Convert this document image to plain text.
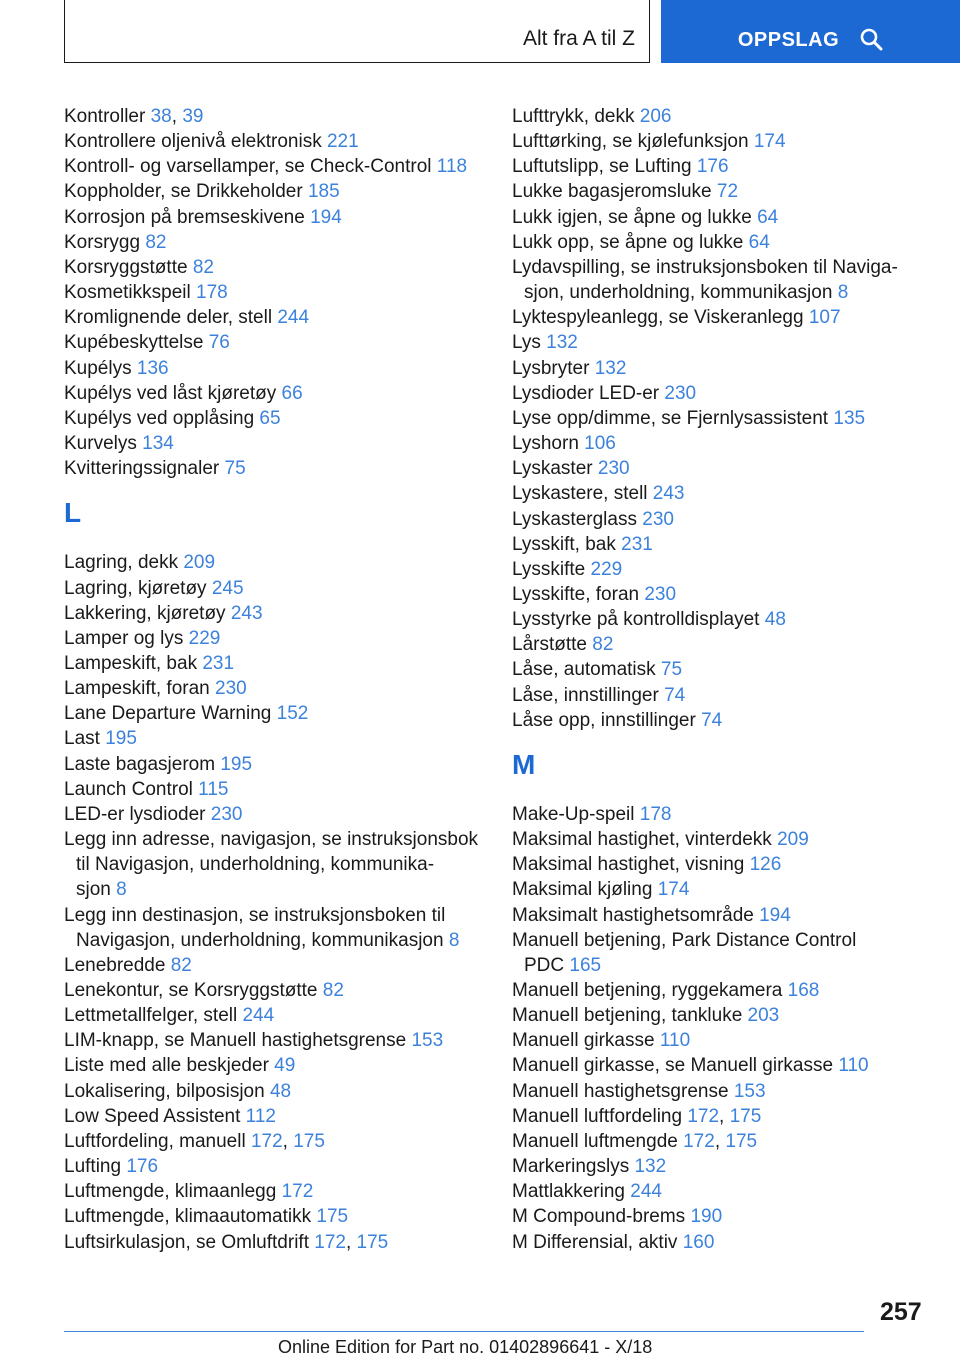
Alt fra A til Z	OPPSLAG
Kontroller 38, 39
Kontrollere oljenivå elektronisk 221
Kontroll- og varsellamper, se Check-Control 118
Koppholder, se Drikkeholder 185
Korrosjon på bremseskivene 194
Korsrygg 82
Korsryggstøtte 82
Kosmetikkspeil 178
Kromlignende deler, stell 244
Kupébeskyttelse 76
Kupélys 136
Kupélys ved låst kjøretøy 66
Kupélys ved opplåsing 65
Kurvelys 134
Kvitteringssignaler 75
L
Lagring, dekk 209
Lagring, kjøretøy 245
Lakkering, kjøretøy 243
Lamper og lys 229
Lampeskift, bak 231
Lampeskift, foran 230
Lane Departure Warning 152
Last 195
Laste bagasjerom 195
Launch Control 115
LED-er lysdioder 230
Legg inn adresse, navigasjon, se instruksjonsbok
til Navigasjon, underholdning, kommunika-
sjon 8
Legg inn destinasjon, se instruksjonsboken til
Navigasjon, underholdning, kommunikasjon 8
Lenebredde 82
Lenekontur, se Korsryggstøtte 82
Lettmetallfelger, stell 244
LIM-knapp, se Manuell hastighetsgrense 153
Liste med alle beskjeder 49
Lokalisering, bilposisjon 48
Low Speed Assistent 112
Luftfordeling, manuell 172, 175
Lufting 176
Luftmengde, klimaanlegg 172
Luftmengde, klimaautomatikk 175
Luftsirkulasjon, se Omluftdrift 172, 175
Lufttrykk, dekk 206
Lufttørking, se kjølefunksjon 174
Luftutslipp, se Lufting 176
Lukke bagasjeromsluke 72
Lukk igjen, se åpne og lukke 64
Lukk opp, se åpne og lukke 64
Lydavspilling, se instruksjonsboken til Naviga-
sjon, underholdning, kommunikasjon 8
Lyktespyleanlegg, se Viskeranlegg 107
Lys 132
Lysbryter 132
Lysdioder LED-er 230
Lyse opp/dimme, se Fjernlysassistent 135
Lyshorn 106
Lyskaster 230
Lyskastere, stell 243
Lyskasterglass 230
Lysskift, bak 231
Lysskifte 229
Lysskifte, foran 230
Lysstyrke på kontrolldisplayet 48
Lårstøtte 82
Låse, automatisk 75
Låse, innstillinger 74
Låse opp, innstillinger 74
M
Make-Up-speil 178
Maksimal hastighet, vinterdekk 209
Maksimal hastighet, visning 126
Maksimal kjøling 174
Maksimalt hastighetsområde 194
Manuell betjening, Park Distance Control
PDC 165
Manuell betjening, ryggekamera 168
Manuell betjening, tankluke 203
Manuell girkasse 110
Manuell girkasse, se Manuell girkasse 110
Manuell hastighetsgrense 153
Manuell luftfordeling 172, 175
Manuell luftmengde 172, 175
Markeringslys 132
Mattlakkering 244
M Compound-brems 190
M Differensial, aktiv 160
257
Online Edition for Part no. 01402896641 - X/18
